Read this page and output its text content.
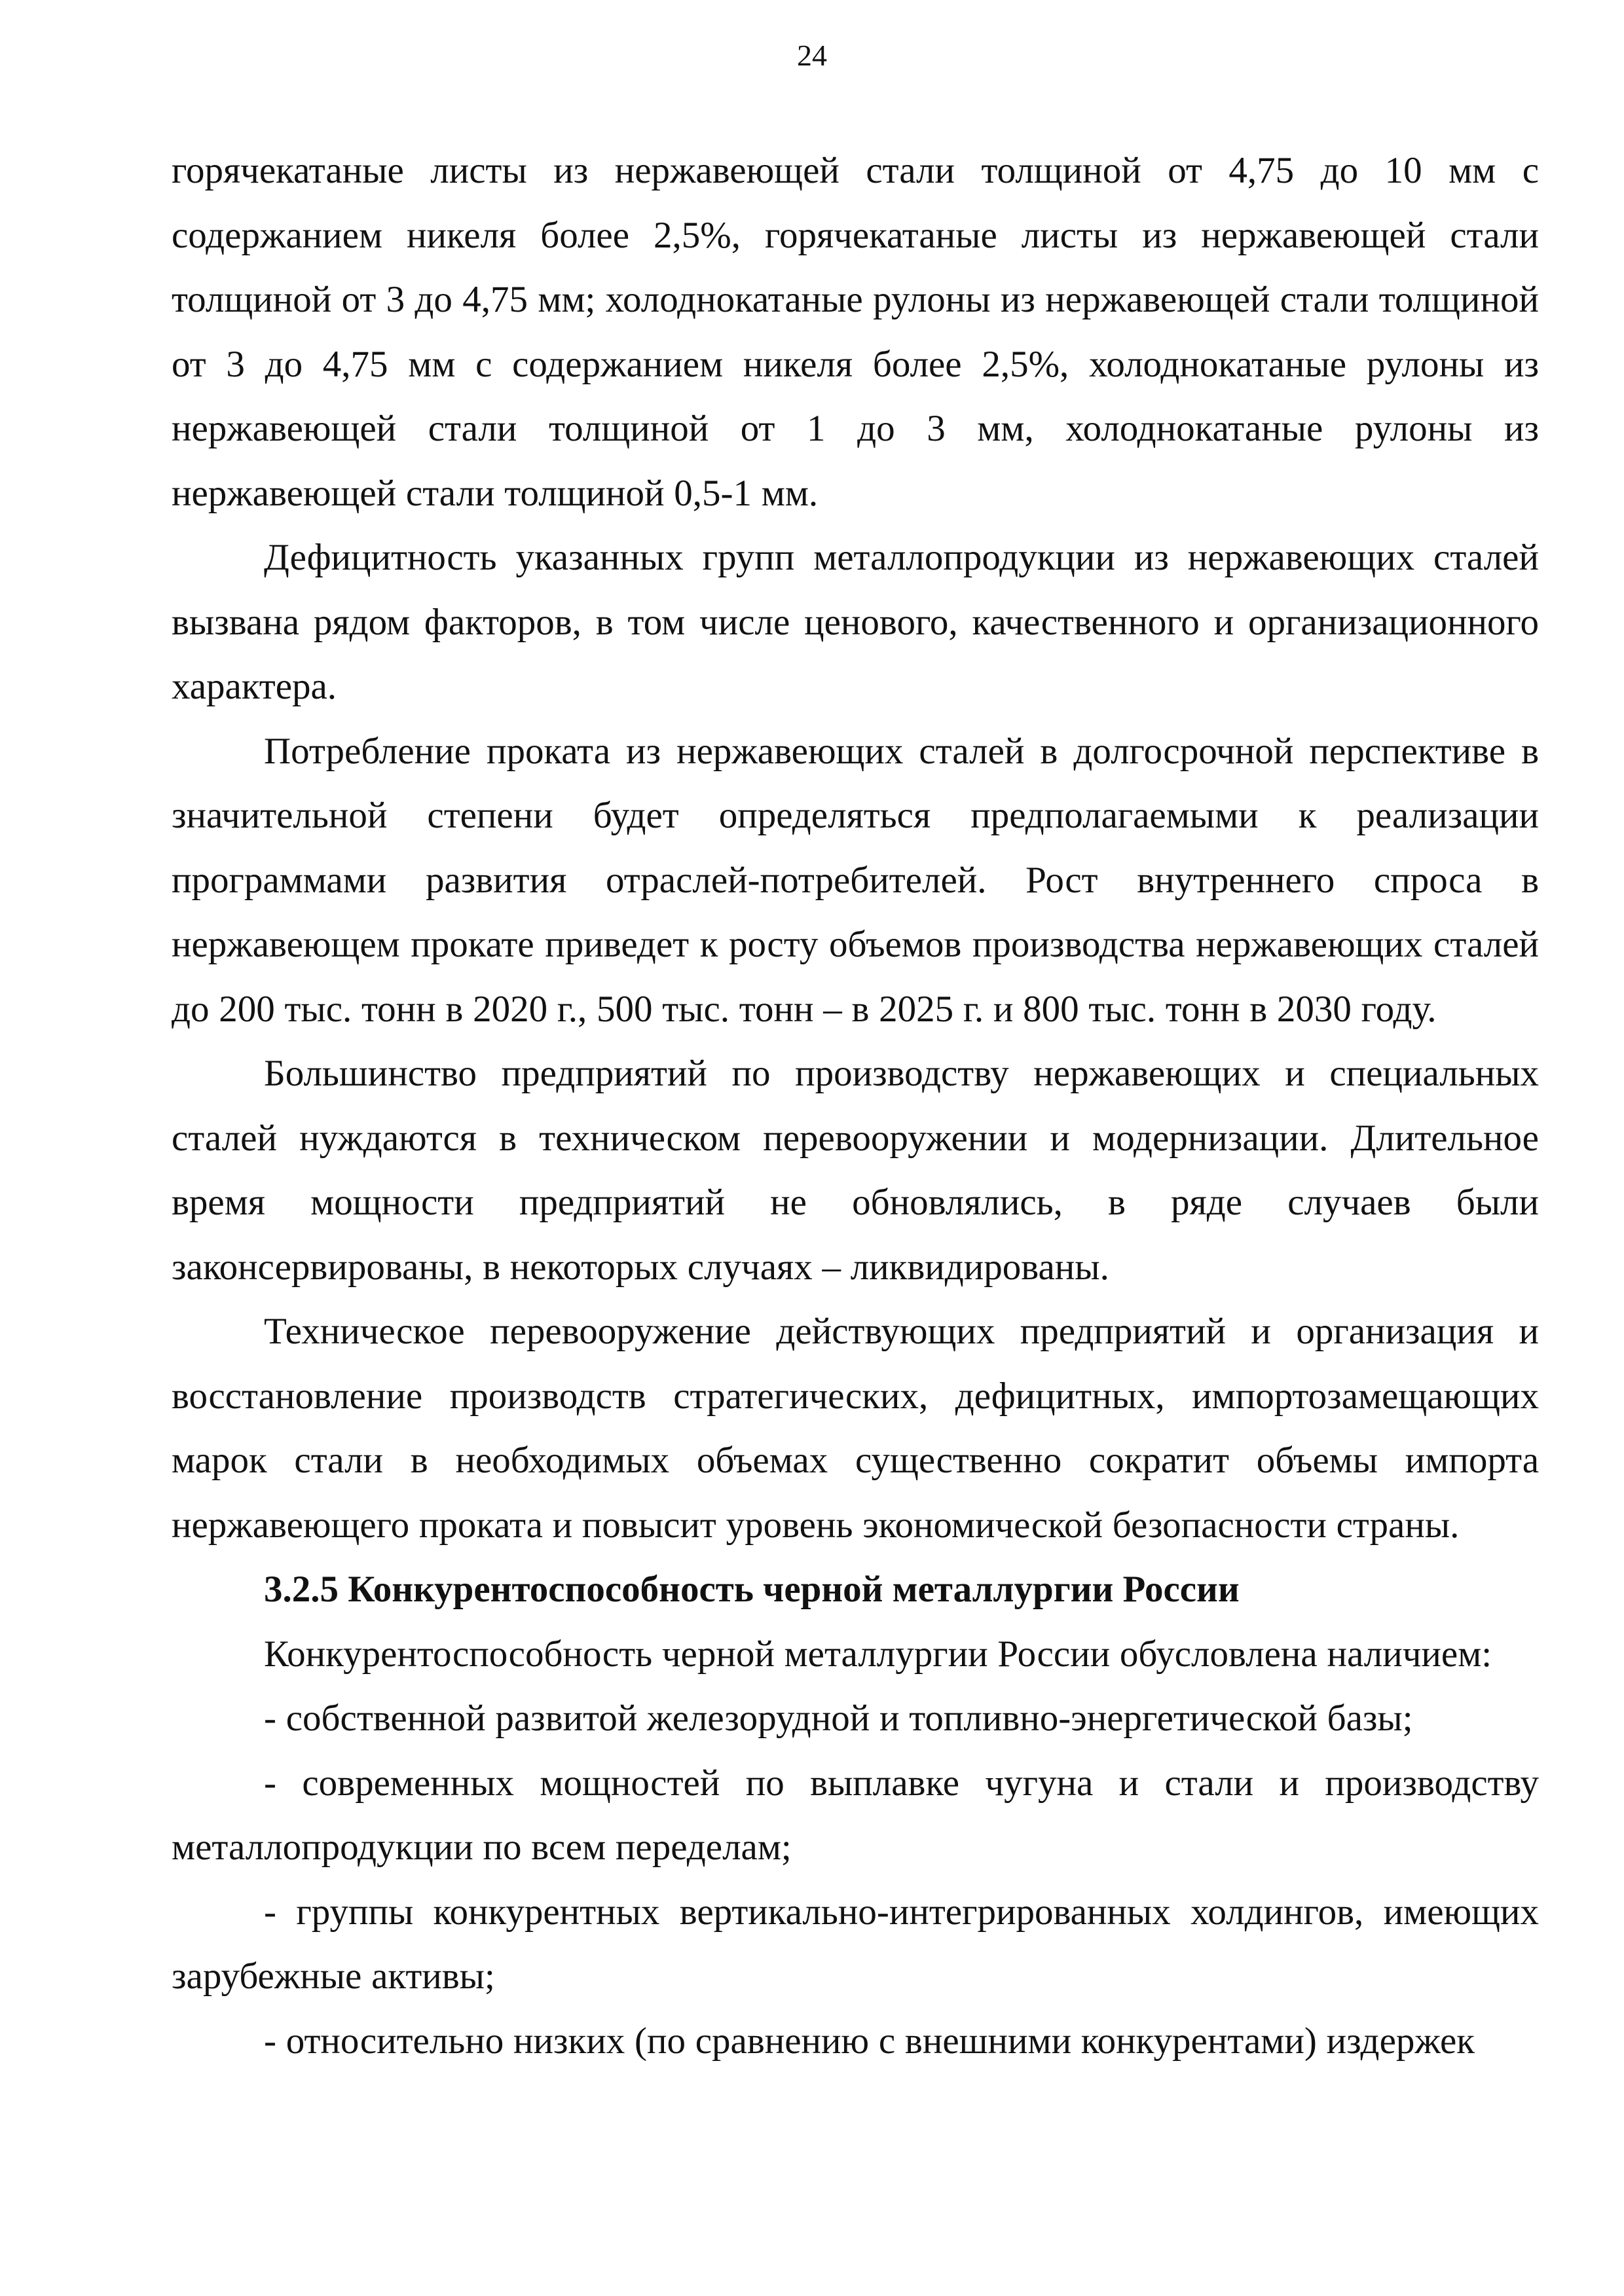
24

горячекатаные листы из нержавеющей стали толщиной от 4,75 до 10 мм с содержанием никеля более 2,5%, горячекатаные листы из нержавеющей стали толщиной от 3 до 4,75 мм; холоднокатаные рулоны из нержавеющей стали толщиной от 3 до 4,75 мм с содержанием никеля более 2,5%, холоднокатаные рулоны из нержавеющей стали толщиной от 1 до 3 мм, холоднокатаные рулоны из нержавеющей стали толщиной 0,5-1 мм.

Дефицитность указанных групп металлопродукции из нержавеющих сталей вызвана рядом факторов, в том числе ценового, качественного и организационного характера.

Потребление проката из нержавеющих сталей в долгосрочной перспективе в значительной степени будет определяться предполагаемыми к реализации программами развития отраслей-потребителей. Рост внутреннего спроса в нержавеющем прокате приведет к росту объемов производства нержавеющих сталей до 200 тыс. тонн в 2020 г., 500 тыс. тонн – в 2025 г. и 800 тыс. тонн в 2030 году.

Большинство предприятий по производству нержавеющих и специальных сталей нуждаются в техническом перевооружении и модернизации. Длительное время мощности предприятий не обновлялись, в ряде случаев были законсервированы, в некоторых случаях – ликвидированы.

Техническое перевооружение действующих предприятий и организация и восстановление производств стратегических, дефицитных, импортозамещающих марок стали в необходимых объемах существенно сократит объемы импорта нержавеющего проката и повысит уровень экономической безопасности страны.

3.2.5 Конкурентоспособность черной металлургии России

Конкурентоспособность черной металлургии России обусловлена наличием:

- собственной развитой железорудной и топливно-энергетической базы;

- современных мощностей по выплавке чугуна и стали и производству металлопродукции по всем переделам;

- группы конкурентных вертикально-интегрированных холдингов, имеющих зарубежные активы;

- относительно низких (по сравнению с внешними конкурентами) издержек
